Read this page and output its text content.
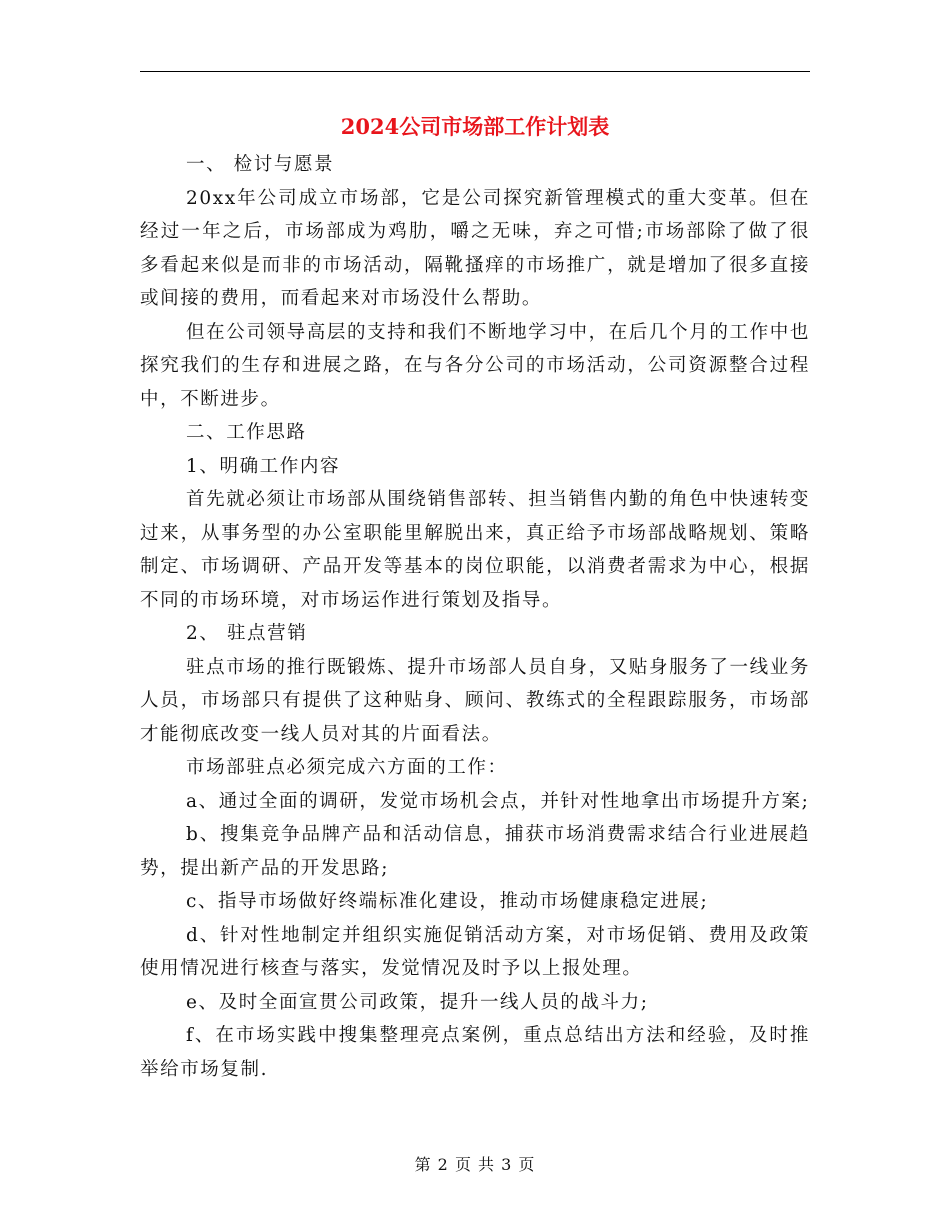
2024公司市场部工作计划表

一、 检讨与愿景

20xx年公司成立市场部，它是公司探究新管理模式的重大变革。但在经过一年之后，市场部成为鸡肋，嚼之无味，弃之可惜;市场部除了做了很多看起来似是而非的市场活动，隔靴搔痒的市场推广，就是增加了很多直接或间接的费用，而看起来对市场没什么帮助。

但在公司领导高层的支持和我们不断地学习中，在后几个月的工作中也探究我们的生存和进展之路，在与各分公司的市场活动，公司资源整合过程中，不断进步。

二、工作思路

1、明确工作内容

首先就必须让市场部从围绕销售部转、担当销售内勤的角色中快速转变过来，从事务型的办公室职能里解脱出来，真正给予市场部战略规划、策略制定、市场调研、产品开发等基本的岗位职能，以消费者需求为中心，根据不同的市场环境，对市场运作进行策划及指导。

2、 驻点营销

驻点市场的推行既锻炼、提升市场部人员自身，又贴身服务了一线业务人员，市场部只有提供了这种贴身、顾问、教练式的全程跟踪服务，市场部才能彻底改变一线人员对其的片面看法。

市场部驻点必须完成六方面的工作：

a、通过全面的调研，发觉市场机会点，并针对性地拿出市场提升方案;

b、搜集竞争品牌产品和活动信息，捕获市场消费需求结合行业进展趋势，提出新产品的开发思路;

c、指导市场做好终端标准化建设，推动市场健康稳定进展;

d、针对性地制定并组织实施促销活动方案，对市场促销、费用及政策使用情况进行核查与落实，发觉情况及时予以上报处理。

e、及时全面宣贯公司政策，提升一线人员的战斗力;

f、在市场实践中搜集整理亮点案例，重点总结出方法和经验，及时推举给市场复制.

第 2 页 共 3 页
